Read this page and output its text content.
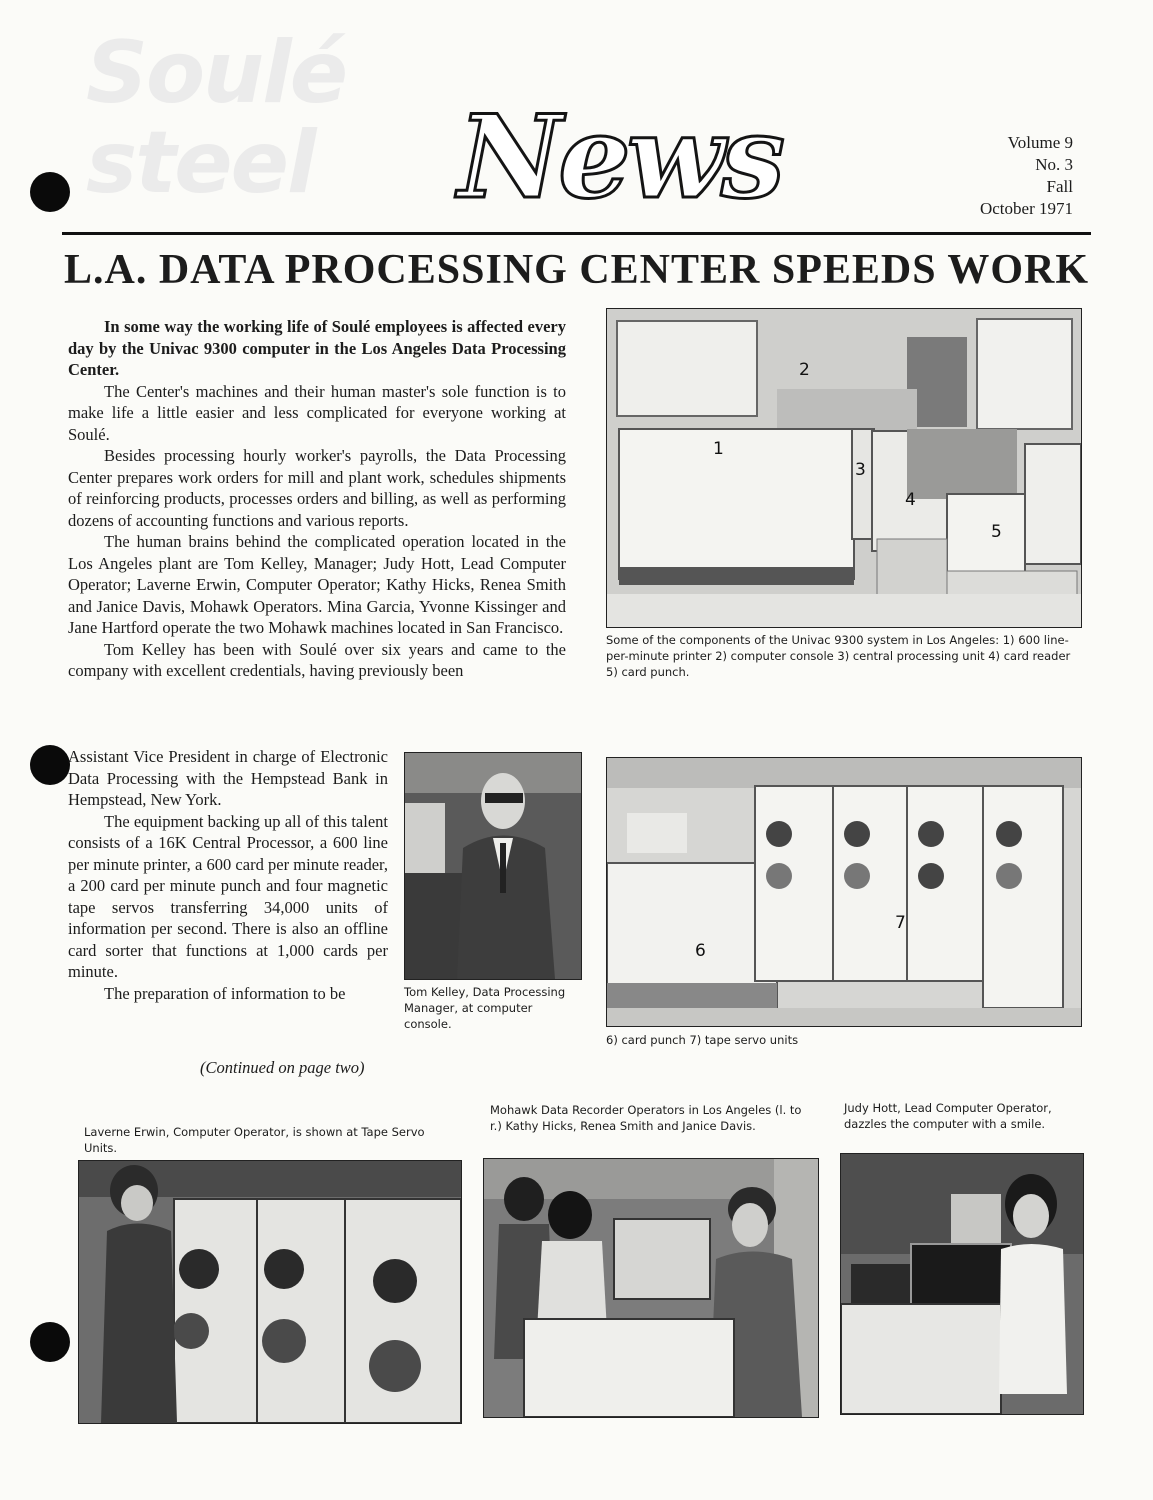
Soulé
steel News	Volume 9
No. 3
Fall
October 1971
L.A. DATA PROCESSING CENTER SPEEDS WORK

In some way the working life of Soulé employees is affected every day by the Univac 9300 computer in the Los Angeles Data Processing Center.

The Center's machines and their human master's sole function is to make life a little easier and less complicated for everyone working at Soulé.

Besides processing hourly worker's payrolls, the Data Processing Center prepares work orders for mill and plant work, schedules shipments of reinforcing products, processes orders and billing, as well as performing dozens of accounting functions and various reports.

The human brains behind the complicated operation located in the Los Angeles plant are Tom Kelley, Manager; Judy Hott, Lead Computer Operator; Laverne Erwin, Computer Operator; Kathy Hicks, Renea Smith and Janice Davis, Mohawk Operators. Mina Garcia, Yvonne Kissinger and Jane Hartford operate the two Mohawk machines located in San Francisco.

Tom Kelley has been with Soulé over six years and came to the company with excellent credentials, having previously been

Assistant Vice President in charge of Electronic Data Processing with the Hempstead Bank in Hempstead, New York.

The equipment backing up all of this talent consists of a 16K Central Processor, a 600 line per minute printer, a 600 card per minute reader, a 200 card per minute punch and four magnetic tape servos transferring 34,000 units of information per second. There is also an offline card sorter that functions at 1,000 cards per minute.

The preparation of information to be

(Continued on page two)
1
2
3
4
5
Some of the components of the Univac 9300 system in Los Angeles: 1) 600 line-per-minute printer 2) computer console 3) central processing unit 4) card reader 5) card punch.
Tom Kelley, Data Processing Manager, at computer console.
6
7
6) card punch 7) tape servo units
Laverne Erwin, Computer Operator, is shown at Tape Servo Units.
Mohawk Data Recorder Operators in Los Angeles (l. to r.) Kathy Hicks, Renea Smith and Janice Davis.
Judy Hott, Lead Computer Operator, dazzles the computer with a smile.
